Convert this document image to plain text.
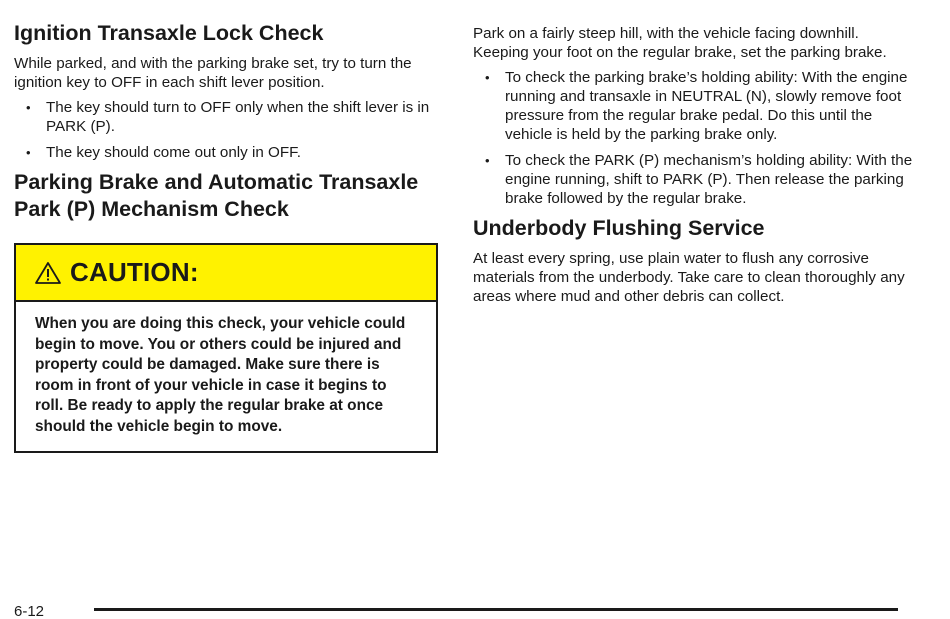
Ignition Transaxle Lock Check

While parked, and with the parking brake set, try to turn the ignition key to OFF in each shift lever position.

• The key should turn to OFF only when the shift lever is in PARK (P).
• The key should come out only in OFF.
Parking Brake and Automatic Transaxle Park (P) Mechanism Check
CAUTION:
When you are doing this check, your vehicle could begin to move. You or others could be injured and property could be damaged. Make sure there is room in front of your vehicle in case it begins to roll. Be ready to apply the regular brake at once should the vehicle begin to move.

Park on a fairly steep hill, with the vehicle facing downhill. Keeping your foot on the regular brake, set the parking brake.

• To check the parking brake’s holding ability: With the engine running and transaxle in NEUTRAL (N), slowly remove foot pressure from the regular brake pedal. Do this until the vehicle is held by the parking brake only.
• To check the PARK (P) mechanism’s holding ability: With the engine running, shift to PARK (P). Then release the parking brake followed by the regular brake.
Underbody Flushing Service

At least every spring, use plain water to flush any corrosive materials from the underbody. Take care to clean thoroughly any areas where mud and other debris can collect.

6-12
